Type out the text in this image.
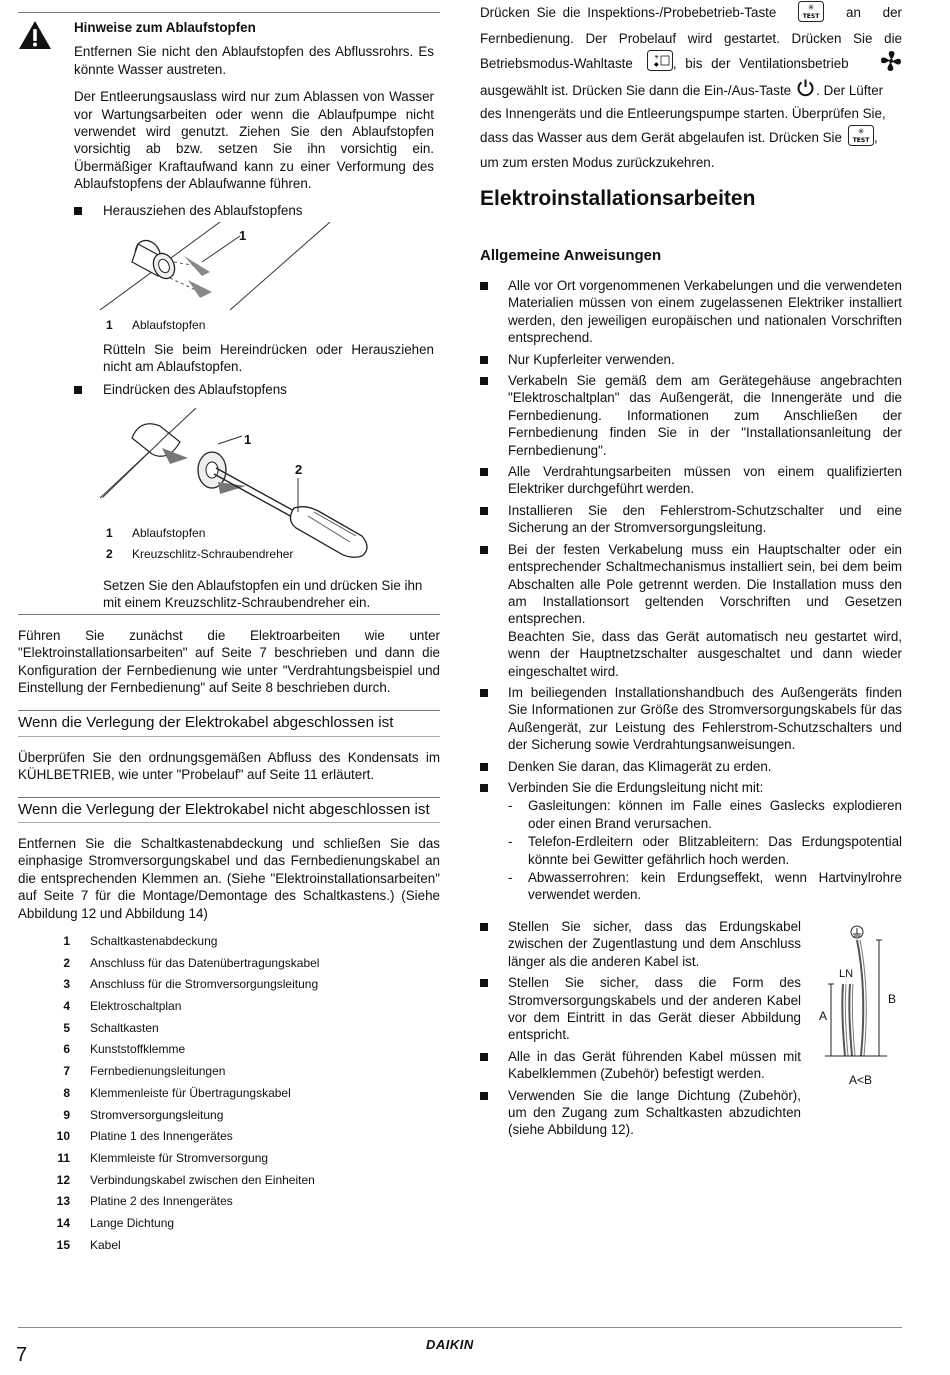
Hinweise zum Ablaufstopfen

Entfernen Sie nicht den Ablaufstopfen des Abflussrohrs. Es könnte Wasser austreten.

Der Entleerungsauslass wird nur zum Ablassen von Wasser vor Wartungsarbeiten oder wenn die Ablaufpumpe nicht verwendet wird genutzt. Ziehen Sie den Ablaufstopfen vorsichtig ab bzw. setzen Sie ihn vorsichtig ein. Übermäßiger Kraftaufwand kann zu einer Verformung des Ablaufstopfens der Ablaufwanne führen.

Herausziehen des Ablaufstopfens
1
1 Ablaufstopfen

Rütteln Sie beim Hereindrücken oder Herausziehen nicht am Ablaufstopfen.

Eindrücken des Ablaufstopfens
1
2
1 Ablaufstopfen
2 Kreuzschlitz-Schraubendreher

Setzen Sie den Ablaufstopfen ein und drücken Sie ihn mit einem Kreuzschlitz-Schraubendreher ein.

Führen Sie zunächst die Elektroarbeiten wie unter "Elektroinstallationsarbeiten" auf Seite 7 beschrieben und dann die Konfiguration der Fernbedienung wie unter "Verdrahtungsbeispiel und Einstellung der Fernbedienung" auf Seite 8 beschrieben durch.

Wenn die Verlegung der Elektrokabel abgeschlossen ist

Überprüfen Sie den ordnungsgemäßen Abfluss des Kondensats im KÜHLBETRIEB, wie unter "Probelauf" auf Seite 11 erläutert.

Wenn die Verlegung der Elektrokabel nicht abgeschlossen ist

Entfernen Sie die Schaltkastenabdeckung und schließen Sie das einphasige Stromversorgungskabel und das Fernbedienungskabel an die entsprechenden Klemmen an. (Siehe "Elektroinstallationsarbeiten" auf Seite 7 für die Montage/Demontage des Schaltkastens.) (Siehe Abbildung 12 und Abbildung 14)

1 Schaltkastenabdeckung
2 Anschluss für das Datenübertragungskabel
3 Anschluss für die Stromversorgungsleitung
4 Elektroschaltplan
5 Schaltkasten
6 Kunststoffklemme
7 Fernbedienungsleitungen
8 Klemmenleiste für Übertragungskabel
9 Stromversorgungsleitung
10 Platine 1 des Innengerätes
11 Klemmleiste für Stromversorgung
12 Verbindungskabel zwischen den Einheiten
13 Platine 2 des Innengerätes
14 Lange Dichtung
15 Kabel
Drücken Sie die Inspektions-/Probebetrieb-Taste	✳
TEST an der
Fernbedienung. Der Probelauf wird gestartet. Drücken Sie die
Betriebsmodus-Wahltaste	✳
◆ , bis der Ventilationsbetrieb
ausgewählt ist. Drücken Sie dann die Ein-/Aus-Taste . Der Lüfter
des Innengeräts und die Entleerungspumpe starten. Überprüfen Sie,
dass das Wasser aus dem Gerät abgelaufen ist. Drücken Sie ✳
TEST ,
um zum ersten Modus zurückzukehren.
Elektroinstallationsarbeiten
Allgemeine Anweisungen
Alle vor Ort vorgenommenen Verkabelungen und die verwendeten Materialien müssen von einem zugelassenen Elektriker installiert werden, den jeweiligen europäischen und nationalen Vorschriften entsprechend.
Nur Kupferleiter verwenden.
Verkabeln Sie gemäß dem am Gerätegehäuse angebrachten "Elektroschaltplan" das Außengerät, die Innengeräte und die Fernbedienung. Informationen zum Anschließen der Fernbedienung finden Sie in der "Installationsanleitung der Fernbedienung".
Alle Verdrahtungsarbeiten müssen von einem qualifizierten Elektriker durchgeführt werden.
Installieren Sie den Fehlerstrom-Schutzschalter und eine Sicherung an der Stromversorgungsleitung.
Bei der festen Verkabelung muss ein Hauptschalter oder ein entsprechender Schaltmechanismus installiert sein, bei dem beim Abschalten alle Pole getrennt werden. Die Installation muss den am Installationsort geltenden Vorschriften und Gesetzen entsprechen.
Beachten Sie, dass das Gerät automatisch neu gestartet wird, wenn der Hauptnetzschalter ausgeschaltet und dann wieder eingeschaltet wird.
Im beiliegenden Installationshandbuch des Außengeräts finden Sie Informationen zur Größe des Stromversorgungskabels für das Außengerät, zur Leistung des Fehlerstrom-Schutzschalters und der Sicherung sowie Verdrahtungsanweisungen.
Denken Sie daran, das Klimagerät zu erden.
Verbinden Sie die Erdungsleitung nicht mit:
- Gasleitungen: können im Falle eines Gaslecks explodieren oder einen Brand verursachen.
- Telefon-Erdleitern oder Blitzableitern: Das Erdungspotential könnte bei Gewitter gefährlich hoch werden.
- Abwasserrohren: kein Erdungseffekt, wenn Hartvinylrohre verwendet werden.
Stellen Sie sicher, dass das Erdungskabel zwischen der Zugentlastung und dem Anschluss länger als die anderen Kabel ist.
Stellen Sie sicher, dass die Form des Stromversorgungskabels und der anderen Kabel vor dem Eintritt in das Gerät dieser Abbildung entspricht.
Alle in das Gerät führenden Kabel müssen mit Kabelklemmen (Zubehör) befestigt werden.
Verwenden Sie die lange Dichtung (Zubehör), um den Zugang zum Schaltkasten abzudichten (siehe Abbildung 12).
LN
A
B
A<B
7	DAIKIN
